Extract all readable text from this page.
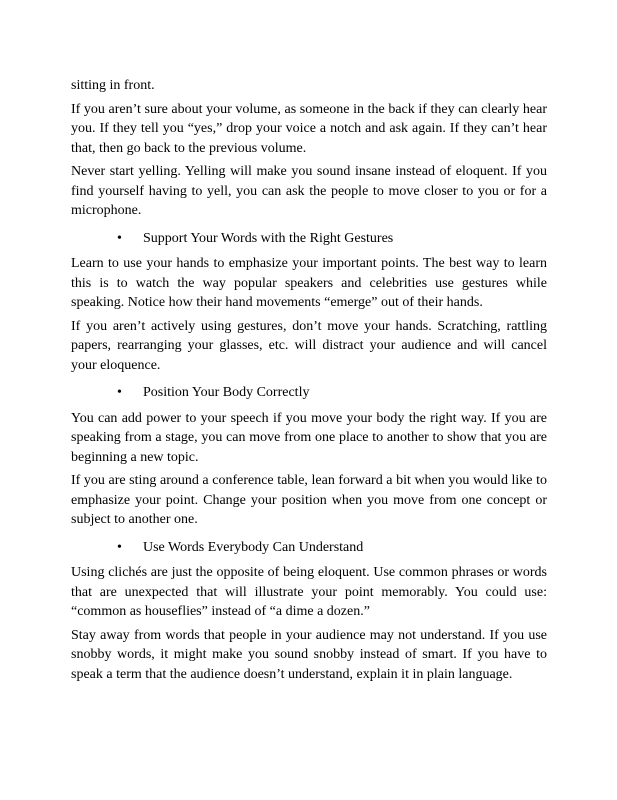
sitting in front.

If you aren’t sure about your volume, as someone in the back if they can clearly hear you. If they tell you “yes,” drop your voice a notch and ask again. If they can’t hear that, then go back to the previous volume.

Never start yelling. Yelling will make you sound insane instead of eloquent. If you find yourself having to yell, you can ask the people to move closer to you or for a microphone.

•	Support Your Words with the Right Gestures

Learn to use your hands to emphasize your important points. The best way to learn this is to watch the way popular speakers and celebrities use gestures while speaking. Notice how their hand movements “emerge” out of their hands.

If you aren’t actively using gestures, don’t move your hands. Scratching, rattling papers, rearranging your glasses, etc. will distract your audience and will cancel your eloquence.

•	Position Your Body Correctly

You can add power to your speech if you move your body the right way. If you are speaking from a stage, you can move from one place to another to show that you are beginning a new topic.

If you are sting around a conference table, lean forward a bit when you would like to emphasize your point. Change your position when you move from one concept or subject to another one.

•	Use Words Everybody Can Understand

Using clichés are just the opposite of being eloquent. Use common phrases or words that are unexpected that will illustrate your point memorably. You could use: “common as houseflies” instead of “a dime a dozen.”

Stay away from words that people in your audience may not understand. If you use snobby words, it might make you sound snobby instead of smart. If you have to speak a term that the audience doesn’t understand, explain it in plain language.
